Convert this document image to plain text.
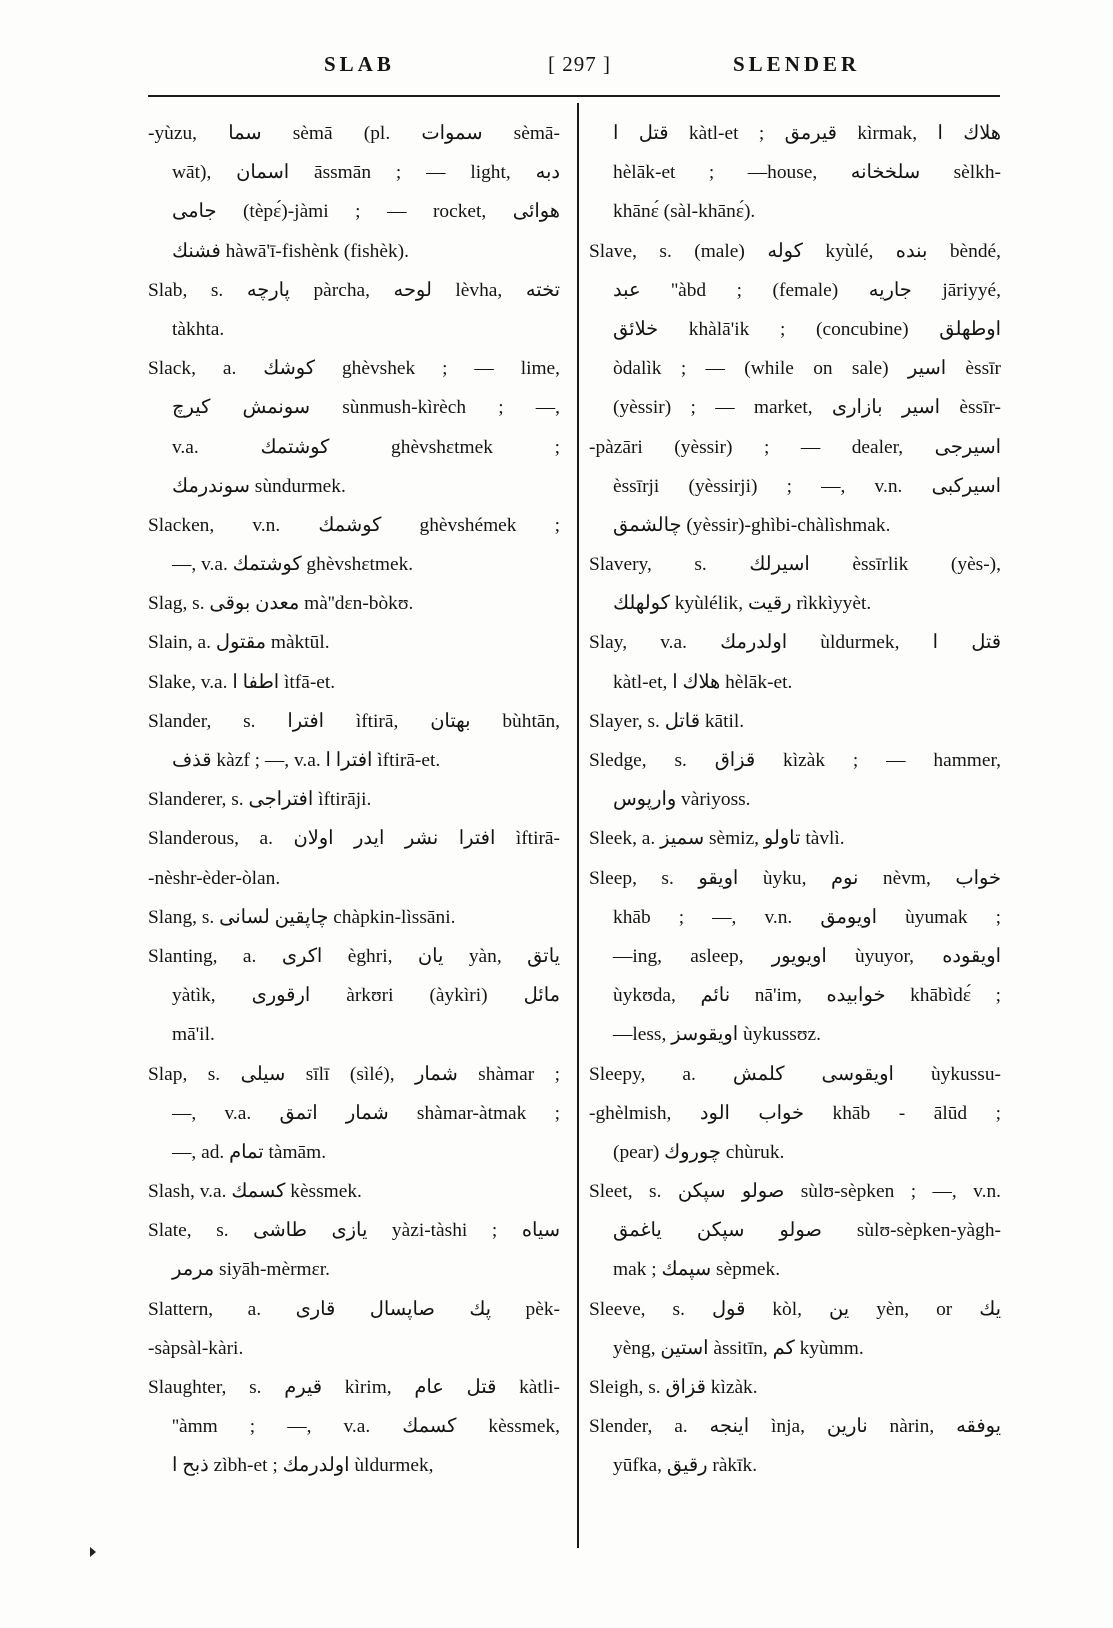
SLAB	[ 297 ]	SLENDER
-yùzu, سما sèmā (pl. سموات sèmā-
wāt), اسمان āssmān ; — light, دبه
جامى (tèpɛ́)-jàmi ; — rocket, هوائى
فشنك hàwā'ī-fishènk (fishèk).
Slab, s. پارچه pàrcha, لوحه lèvha, تخته
tàkhta.
Slack, a. كوشك ghèvshek ; — lime,
سونمش كيرچ sùnmush-kìrèch ; —,
v.a. كوشتمك ghèvshɛtmek ;
سوندرمك sùndurmek.
Slacken, v.n. كوشمك ghèvshémek ;
—, v.a. كوشتمك ghèvshɛtmek.
Slag, s. معدن بوقى mà''dɛn-bòkʊ.
Slain, a. مقتول màktūl.
Slake, v.a. اطفا ا ìtfā-et.
Slander, s. افترا ìftirā, بهتان bùhtān,
قذف kàzf ; —, v.a. افترا ا ìftirā-et.
Slanderer, s. افتراجى ìftirāji.
Slanderous, a. افترا نشر ايدر اولان ìftirā-
-nèshr-èder-òlan.
Slang, s. چاپقين لسانى chàpkin-lìssāni.
Slanting, a. اكرى èghri, يان yàn, ياتق
yàtìk, ارقورى àrkʊri (àykìri) مائل
mā'il.
Slap, s. سيلى sīlī (sìlé), شمار shàmar ;
—, v.a. شمار اتمق shàmar-àtmak ;
—, ad. تمام tàmām.
Slash, v.a. كسمك kèssmek.
Slate, s. يازى طاشى yàzi-tàshi ; سياه
مرمر siyāh-mèrmɛr.
Slattern, a. پك صاپسال قارى pèk-
-sàpsàl-kàri.
Slaughter, s. قيرم kìrim, قتل عام kàtli-
''àmm ; —, v.a. كسمك kèssmek,
ذبح ا zìbh-et ; اولدرمك ùldurmek,
قتل ا kàtl-et ; قيرمق kìrmak, هلاك ا
hèlāk-et ; —house, سلخخانه sèlkh-
khānɛ́ (sàl-khānɛ́).
Slave, s. (male) كوله kyùlé, بنده bèndé,
عبد ''àbd ; (female) جاريه jāriyyé,
خلائق khàlā'ik ; (concubine) اوطهلق
òdalìk ; — (while on sale) اسير èssīr
(yèssir) ; — market, اسير بازارى èssīr-
-pàzāri (yèssir) ; — dealer, اسيرجى
èssīrji (yèssirji) ; —, v.n. اسيركبى
چالشمق (yèssir)-ghìbi-chàlìshmak.
Slavery, s. اسيرلك èssīrlik (yès-),
كولهلك kyùlélik, رقيت rìkkìyyèt.
Slay, v.a. اولدرمك ùldurmek, قتل ا
kàtl-et, هلاك ا hèlāk-et.
Slayer, s. قاتل kātil.
Sledge, s. قزاق kìzàk ; — hammer,
وارپوس vàriyoss.
Sleek, a. سمیز sèmiz, تاولو tàvlì.
Sleep, s. اويقو ùyku, نوم nèvm, خواب
khāb ; —, v.n. اويومق ùyumak ;
—ing, asleep, اويويور ùyuyor, اويقوده
ùykʊda, نائم nā'im, خوابيده khābìdɛ́ ;
—less, اويقوسز ùykussʊz.
Sleepy, a. اويقوسى كلمش ùykussu-
-ghèlmish, خواب الود khāb - ālūd ;
(pear) چوروك chùruk.
Sleet, s. صولو سپكن sùlʊ-sèpken ; —, v.n.
صولو سپكن ياغمق sùlʊ-sèpken-yàgh-
mak ; سپمك sèpmek.
Sleeve, s. قول kòl, ين yèn, or يك
yèng, استين àssitīn, كم kyùmm.
Sleigh, s. قزاق kìzàk.
Slender, a. اينجه ìnja, نارين nàrin, يوفقه
yūfka, رقيق ràkīk.
